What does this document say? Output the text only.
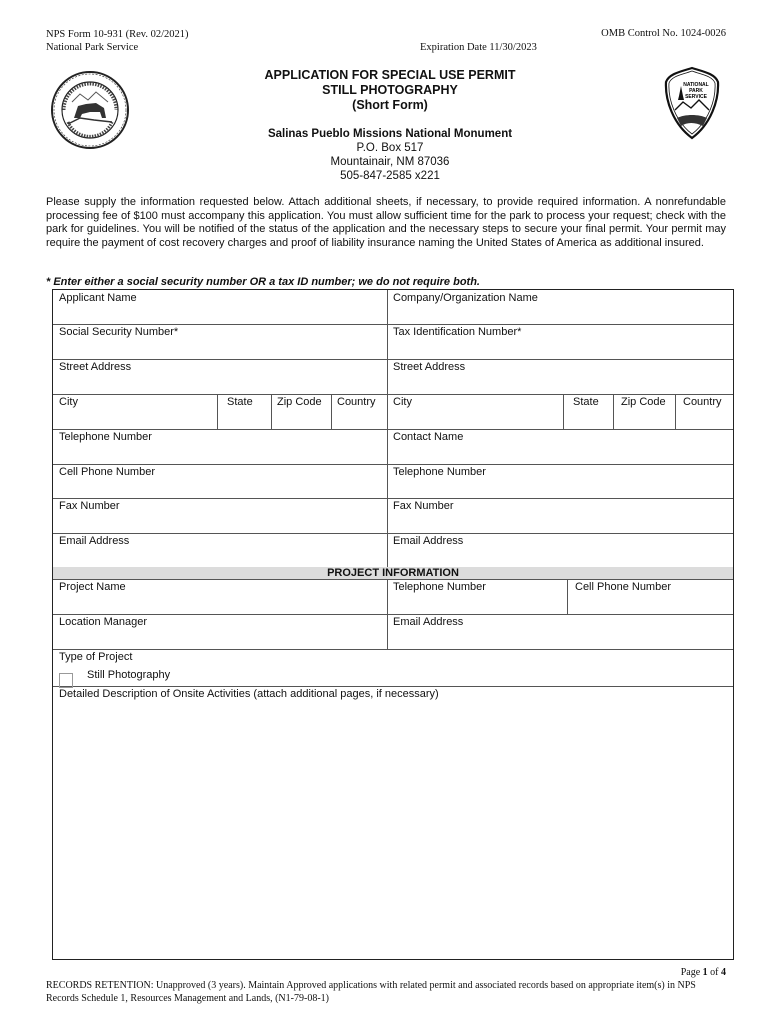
NPS Form 10-931 (Rev. 02/2021)
National Park Service	Expiration Date 11/30/2023
OMB Control No. 1024-0026
NATIONAL
PARK
SERVICE
APPLICATION FOR SPECIAL USE PERMIT
STILL PHOTOGRAPHY
(Short Form)
Salinas Pueblo Missions National Monument
P.O. Box 517
Mountainair, NM 87036
505-847-2585 x221
Please supply the information requested below. Attach additional sheets, if necessary, to provide required information. A nonrefundable processing fee of $100 must accompany this application. You must allow sufficient time for the park to process your request; check with the park for guidelines. You will be notified of the status of the application and the necessary steps to secure your final permit. Your permit may require the payment of cost recovery charges and proof of liability insurance naming the United States of America as additional insured.
* Enter either a social security number OR a tax ID number; we do not require both.
Applicant Name	Company/Organization Name
Social Security Number*	Tax Identification Number*
Street Address	Street Address
City	State	Zip Code	Country	City	State	Zip Code	Country
Telephone Number	Contact Name
Cell Phone Number	Telephone Number
Fax Number	Fax Number
Email Address	Email Address
PROJECT INFORMATION
Project Name	Telephone Number	Cell Phone Number
Location Manager	Email Address
Type of Project
Still Photography
Detailed Description of Onsite Activities (attach additional pages, if necessary)
Page 1 of 4
RECORDS RETENTION: Unapproved (3 years). Maintain Approved applications with related permit and associated records based on appropriate item(s) in NPS Records Schedule 1, Resources Management and Lands, (N1-79-08-1)
